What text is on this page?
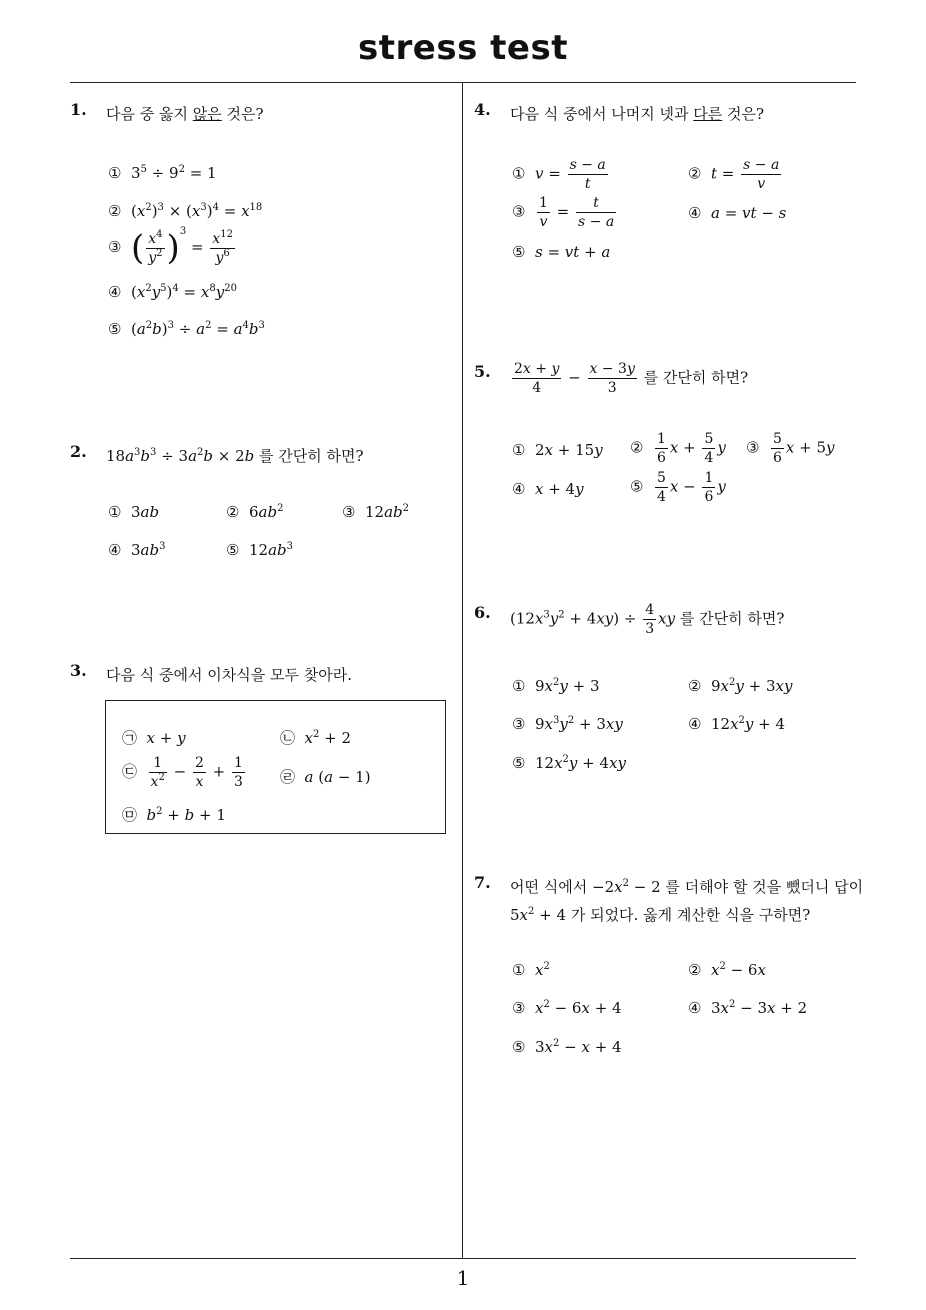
stress test
1
1. 다음 중 옳지 않은 것은?
①  $3^5 \div 9^2 = 1$
②  $(x^2)^3 \times (x^3)^4 = x^{18}$
③  ( $\frac{x^4}{y^2} )^3 = \frac{x^{12}}{y^6}$
④  $(x^2y^5)^4 = x^8y^{20}$
⑤  $(a^2b)^3 \div a^2 = a^4b^3$
2. $18a^3b^3 \div 3a^2b \times 2b$ 를 간단히 하면?
①  3ab	②  $6ab^2$	③  $12ab^2$
④  $3ab^3$	⑤  $12ab^3$
3. 다음 식 중에서 이차식을 모두 찾아라.
㉠  x + y	㉡  $x^2 + 2$
㉢ $\frac{1}{x^2} - \frac{2}{x} + \frac{1}{3}$ ㉣  a (a − 1)
㉤  $b^2 + b + 1$
4. 다음 식 중에서 나머지 넷과 다른 것은?
①  $v = \frac{s - a}{t}$	②  $t = \frac{s - a}{v}$
③ $\frac{1}{v} = \frac{t}{s - a}$	④  a = vt − s
⑤  s = vt + a
5. $\frac{2x + y}{4} - \frac{x - 3y}{3}$ 를 간단히 하면?
①  2x + 15y ② $\frac{1}{6}$ $x + \frac{5}{4}$ y ③ $\frac{5}{6}$ x + 5y
④  x + 4y	⑤ $\frac{5}{4}$ $x - \frac{1}{6}$ y
6. $(12x^3y^2 + 4xy) \div \frac{4}{3}$ xy 를 간단히 하면?
①  $9x^2y + 3$	②  $9x^2y + 3xy$
③  $9x^3y^2 + 3xy$	④  $12x^2y + 4$
⑤  $12x^2y + 4xy$
7. 어떤 식에서 $-2x^2 - 2$ 를 더해야 할 것을 뺐더니 답이
$5x^2 + 4$ 가 되었다. 옳게 계산한 식을 구하면?
①  $x^2$	②  $x^2 - 6x$
③  $x^2 - 6x + 4$	④  $3x^2 - 3x + 2$
⑤  $3x^2 - x + 4$
